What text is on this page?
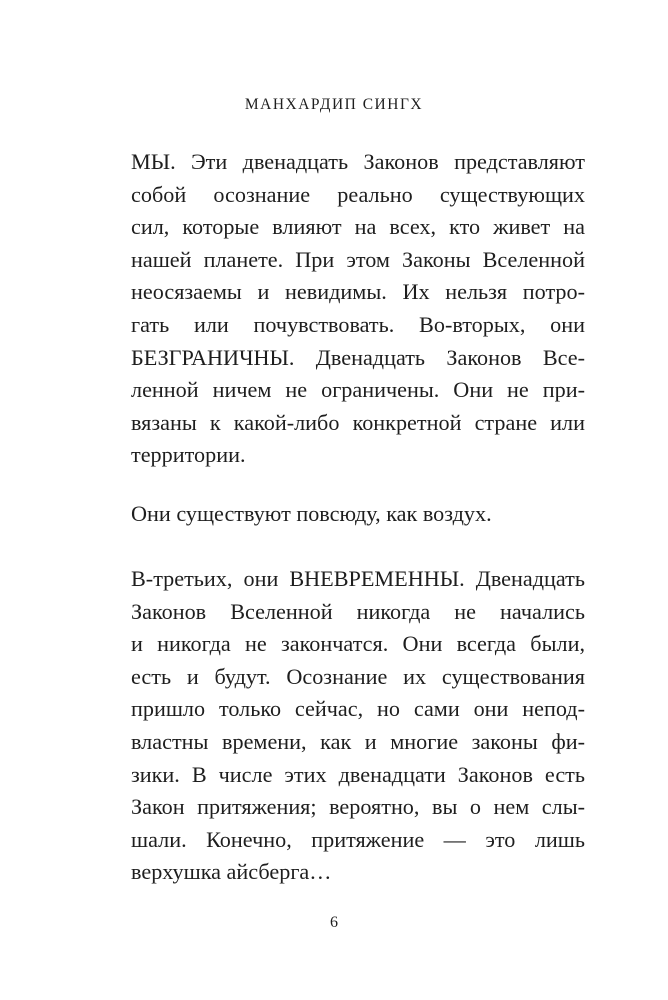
МАНХАРДИП СИНГХ
МЫ. Эти двенадцать Законов представляют
собой осознание реально существующих
сил, которые влияют на всех, кто живет на
нашей планете. При этом Законы Вселенной
неосязаемы и невидимы. Их нельзя потро-
гать или почувствовать. Во-вторых, они
БЕЗГРАНИЧНЫ. Двенадцать Законов Все-
ленной ничем не ограничены. Они не при-
вязаны к какой-либо конкретной стране или
территории.
Они существуют повсюду, как воздух.
В-третьих, они ВНЕВРЕМЕННЫ. Двенадцать
Законов Вселенной никогда не начались
и никогда не закончатся. Они всегда были,
есть и будут. Осознание их существования
пришло только сейчас, но сами они непод-
властны времени, как и многие законы фи-
зики. В числе этих двенадцати Законов есть
Закон притяжения; вероятно, вы о нем слы-
шали. Конечно, притяжение — это лишь
верхушка айсберга…
6
